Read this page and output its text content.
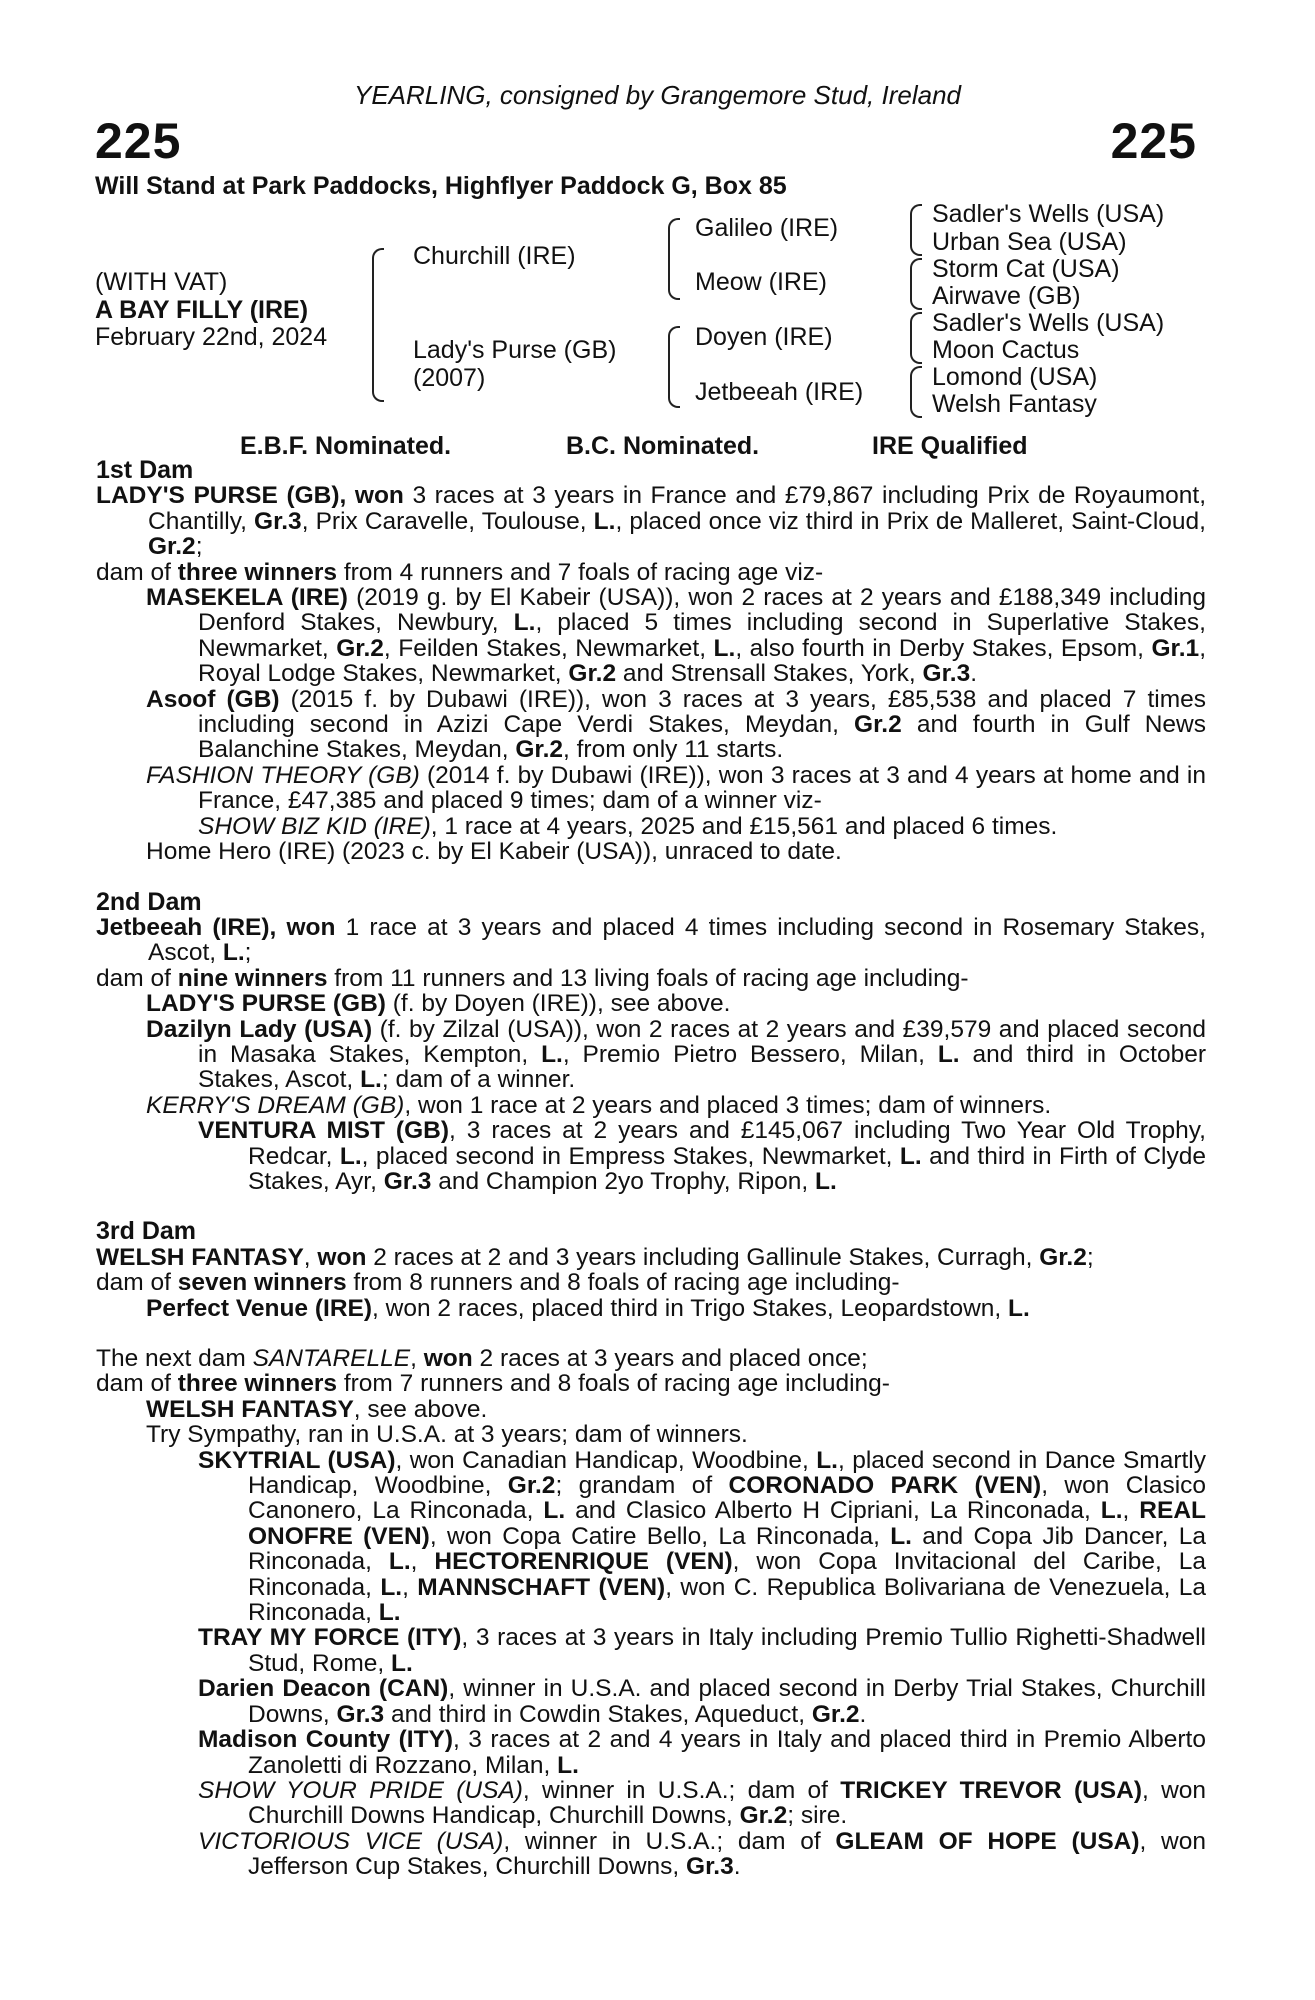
225
YEARLING, consigned by Grangemore Stud, Ireland
225
Will Stand at Park Paddocks, Highflyer Paddock G, Box 85
(WITH VAT)
A BAY FILLY (IRE)
February 22nd, 2024
Churchill (IRE)
Lady's Purse (GB)
(2007)
Galileo (IRE)
Meow (IRE)
Doyen (IRE)
Jetbeeah (IRE)
Sadler's Wells (USA)
Urban Sea (USA)
Storm Cat (USA)
Airwave (GB)
Sadler's Wells (USA)
Moon Cactus
Lomond (USA)
Welsh Fantasy
E.B.F. Nominated.	B.C. Nominated.	IRE Qualified

1st Dam

LADY'S PURSE (GB), won 3 races at 3 years in France and £79,867 including Prix de Royaumont, Chantilly, Gr.3, Prix Caravelle, Toulouse, L., placed once viz third in Prix de Malleret, Saint-Cloud, Gr.2;

dam of three winners from 4 runners and 7 foals of racing age viz-

MASEKELA (IRE) (2019 g. by El Kabeir (USA)), won 2 races at 2 years and £188,349 including Denford Stakes, Newbury, L., placed 5 times including second in Superlative Stakes, Newmarket, Gr.2, Feilden Stakes, Newmarket, L., also fourth in Derby Stakes, Epsom, Gr.1, Royal Lodge Stakes, Newmarket, Gr.2 and Strensall Stakes, York, Gr.3.

Asoof (GB) (2015 f. by Dubawi (IRE)), won 3 races at 3 years, £85,538 and placed 7 times including second in Azizi Cape Verdi Stakes, Meydan, Gr.2 and fourth in Gulf News Balanchine Stakes, Meydan, Gr.2, from only 11 starts.

FASHION THEORY (GB) (2014 f. by Dubawi (IRE)), won 3 races at 3 and 4 years at home and in France, £47,385 and placed 9 times; dam of a winner viz-

SHOW BIZ KID (IRE), 1 race at 4 years, 2025 and £15,561 and placed 6 times.

Home Hero (IRE) (2023 c. by El Kabeir (USA)), unraced to date.

2nd Dam

Jetbeeah (IRE), won 1 race at 3 years and placed 4 times including second in Rosemary Stakes, Ascot, L.;

dam of nine winners from 11 runners and 13 living foals of racing age including-

LADY'S PURSE (GB) (f. by Doyen (IRE)), see above.

Dazilyn Lady (USA) (f. by Zilzal (USA)), won 2 races at 2 years and £39,579 and placed second in Masaka Stakes, Kempton, L., Premio Pietro Bessero, Milan, L. and third in October Stakes, Ascot, L.; dam of a winner.

KERRY'S DREAM (GB), won 1 race at 2 years and placed 3 times; dam of winners.

VENTURA MIST (GB), 3 races at 2 years and £145,067 including Two Year Old Trophy, Redcar, L., placed second in Empress Stakes, Newmarket, L. and third in Firth of Clyde Stakes, Ayr, Gr.3 and Champion 2yo Trophy, Ripon, L.

3rd Dam

WELSH FANTASY, won 2 races at 2 and 3 years including Gallinule Stakes, Curragh, Gr.2;

dam of seven winners from 8 runners and 8 foals of racing age including-

Perfect Venue (IRE), won 2 races, placed third in Trigo Stakes, Leopardstown, L.

The next dam SANTARELLE, won 2 races at 3 years and placed once;

dam of three winners from 7 runners and 8 foals of racing age including-

WELSH FANTASY, see above.

Try Sympathy, ran in U.S.A. at 3 years; dam of winners.

SKYTRIAL (USA), won Canadian Handicap, Woodbine, L., placed second in Dance Smartly Handicap, Woodbine, Gr.2; grandam of CORONADO PARK (VEN), won Clasico Canonero, La Rinconada, L. and Clasico Alberto H Cipriani, La Rinconada, L., REAL ONOFRE (VEN), won Copa Catire Bello, La Rinconada, L. and Copa Jib Dancer, La Rinconada, L., HECTORENRIQUE (VEN), won Copa Invitacional del Caribe, La Rinconada, L., MANNSCHAFT (VEN), won C. Republica Bolivariana de Venezuela, La Rinconada, L.

TRAY MY FORCE (ITY), 3 races at 3 years in Italy including Premio Tullio Righetti-Shadwell Stud, Rome, L.

Darien Deacon (CAN), winner in U.S.A. and placed second in Derby Trial Stakes, Churchill Downs, Gr.3 and third in Cowdin Stakes, Aqueduct, Gr.2.

Madison County (ITY), 3 races at 2 and 4 years in Italy and placed third in Premio Alberto Zanoletti di Rozzano, Milan, L.

SHOW YOUR PRIDE (USA), winner in U.S.A.; dam of TRICKEY TREVOR (USA), won Churchill Downs Handicap, Churchill Downs, Gr.2; sire.

VICTORIOUS VICE (USA), winner in U.S.A.; dam of GLEAM OF HOPE (USA), won Jefferson Cup Stakes, Churchill Downs, Gr.3.
